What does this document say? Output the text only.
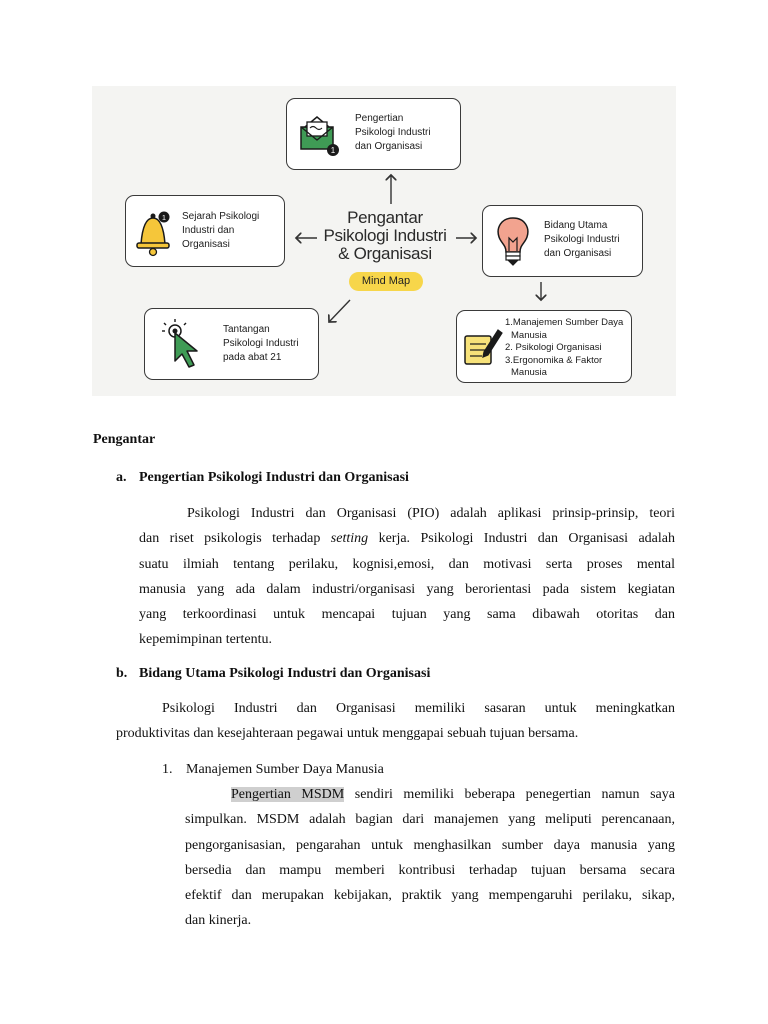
Pengantar
Psikologi Industri
& Organisasi
Mind Map
1
Pengertian
Psikologi Industri
dan Organisasi
1 Sejarah Psikologi
Industri dan
Organisasi
Bidang Utama
Psikologi Industri
dan Organisasi
Tantangan
Psikologi Industri
pada abat 21
1.Manajemen Sumber Daya
Manusia
2. Psikologi Organisasi
3.Ergonomika & Faktor
Manusia
Pengantar
a. Pengertian Psikologi Industri dan Organisasi
Psikologi Industri dan Organisasi (PIO) adalah aplikasi prinsip-prinsip, teori
dan riset psikologis terhadap setting kerja. Psikologi Industri dan Organisasi adalah
suatu ilmiah tentang perilaku, kognisi,emosi, dan motivasi serta proses mental
manusia yang ada dalam industri/organisasi yang berorientasi pada sistem kegiatan
yang terkoordinasi untuk mencapai tujuan yang sama dibawah otoritas dan
kepemimpinan tertentu.
b. Bidang Utama Psikologi Industri dan Organisasi
Psikologi Industri dan Organisasi memiliki sasaran untuk meningkatkan
produktivitas dan kesejahteraan pegawai untuk menggapai sebuah tujuan bersama.
1. Manajemen Sumber Daya Manusia
Pengertian MSDM sendiri memiliki beberapa penegertian namun saya
simpulkan. MSDM adalah bagian dari manajemen yang meliputi perencanaan,
pengorganisasian, pengarahan untuk menghasilkan sumber daya manusia yang
bersedia dan mampu memberi kontribusi terhadap tujuan bersama secara
efektif dan merupakan kebijakan, praktik yang mempengaruhi perilaku, sikap,
dan kinerja.
